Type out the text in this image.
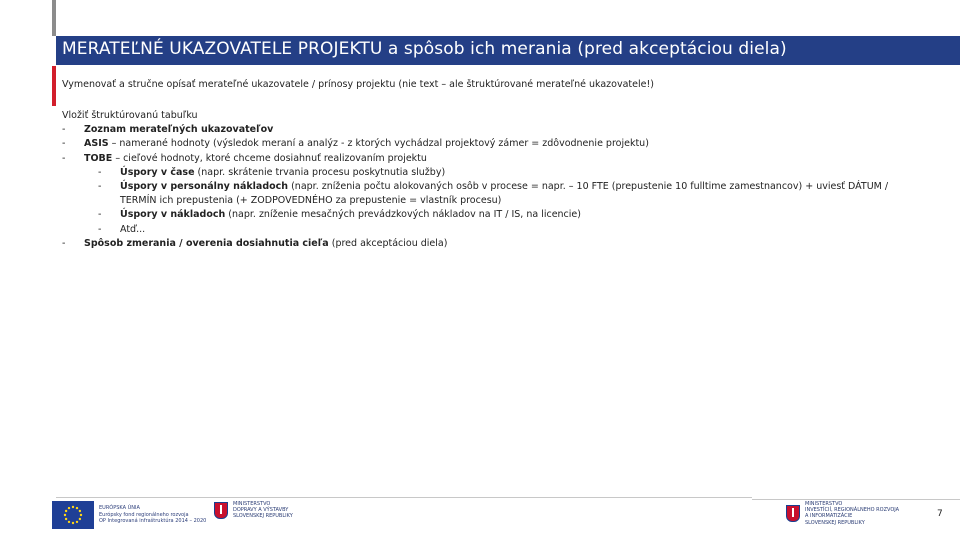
MERATEĽNÉ UKAZOVATELE PROJEKTU a spôsob ich merania (pred akceptáciou diela)
Vymenovať a stručne opísať merateľné ukazovatele / prínosy projektu (nie text – ale štruktúrované merateľné ukazovatele!)
Vložiť štruktúrovanú tabuľku
- Zoznam merateľných ukazovateľov
- ASIS – namerané hodnoty (výsledok meraní a analýz - z ktorých vychádzal projektový zámer = zdôvodnenie projektu)
- TOBE – cieľové hodnoty, ktoré chceme dosiahnuť realizovaním projektu
- Úspory v čase (napr. skrátenie trvania procesu poskytnutia služby)
- Úspory v personálny nákladoch (napr. zníženia počtu alokovaných osôb v procese = napr. – 10 FTE (prepustenie 10 fulltime zamestnancov) + uviesť DÁTUM /
TERMÍN ich prepustenia (+ ZODPOVEDNÉHO za prepustenie = vlastník procesu)
- Úspory v nákladoch (napr. zníženie mesačných prevádzkových nákladov na IT / IS, na licencie)
- Atď...
- Spôsob zmerania / overenia dosiahnutia cieľa (pred akceptáciou diela)
EURÓPSKA ÚNIA
Európsky fond regionálneho rozvoja
OP Integrovaná infraštruktúra 2014 – 2020
MINISTERSTVO
DOPRAVY A VÝSTAVBY
SLOVENSKEJ REPUBLIKY
MINISTERSTVO
INVESTÍCIÍ, REGIONÁLNEHO ROZVOJA
A INFORMATIZÁCIE
SLOVENSKEJ REPUBLIKY
7
